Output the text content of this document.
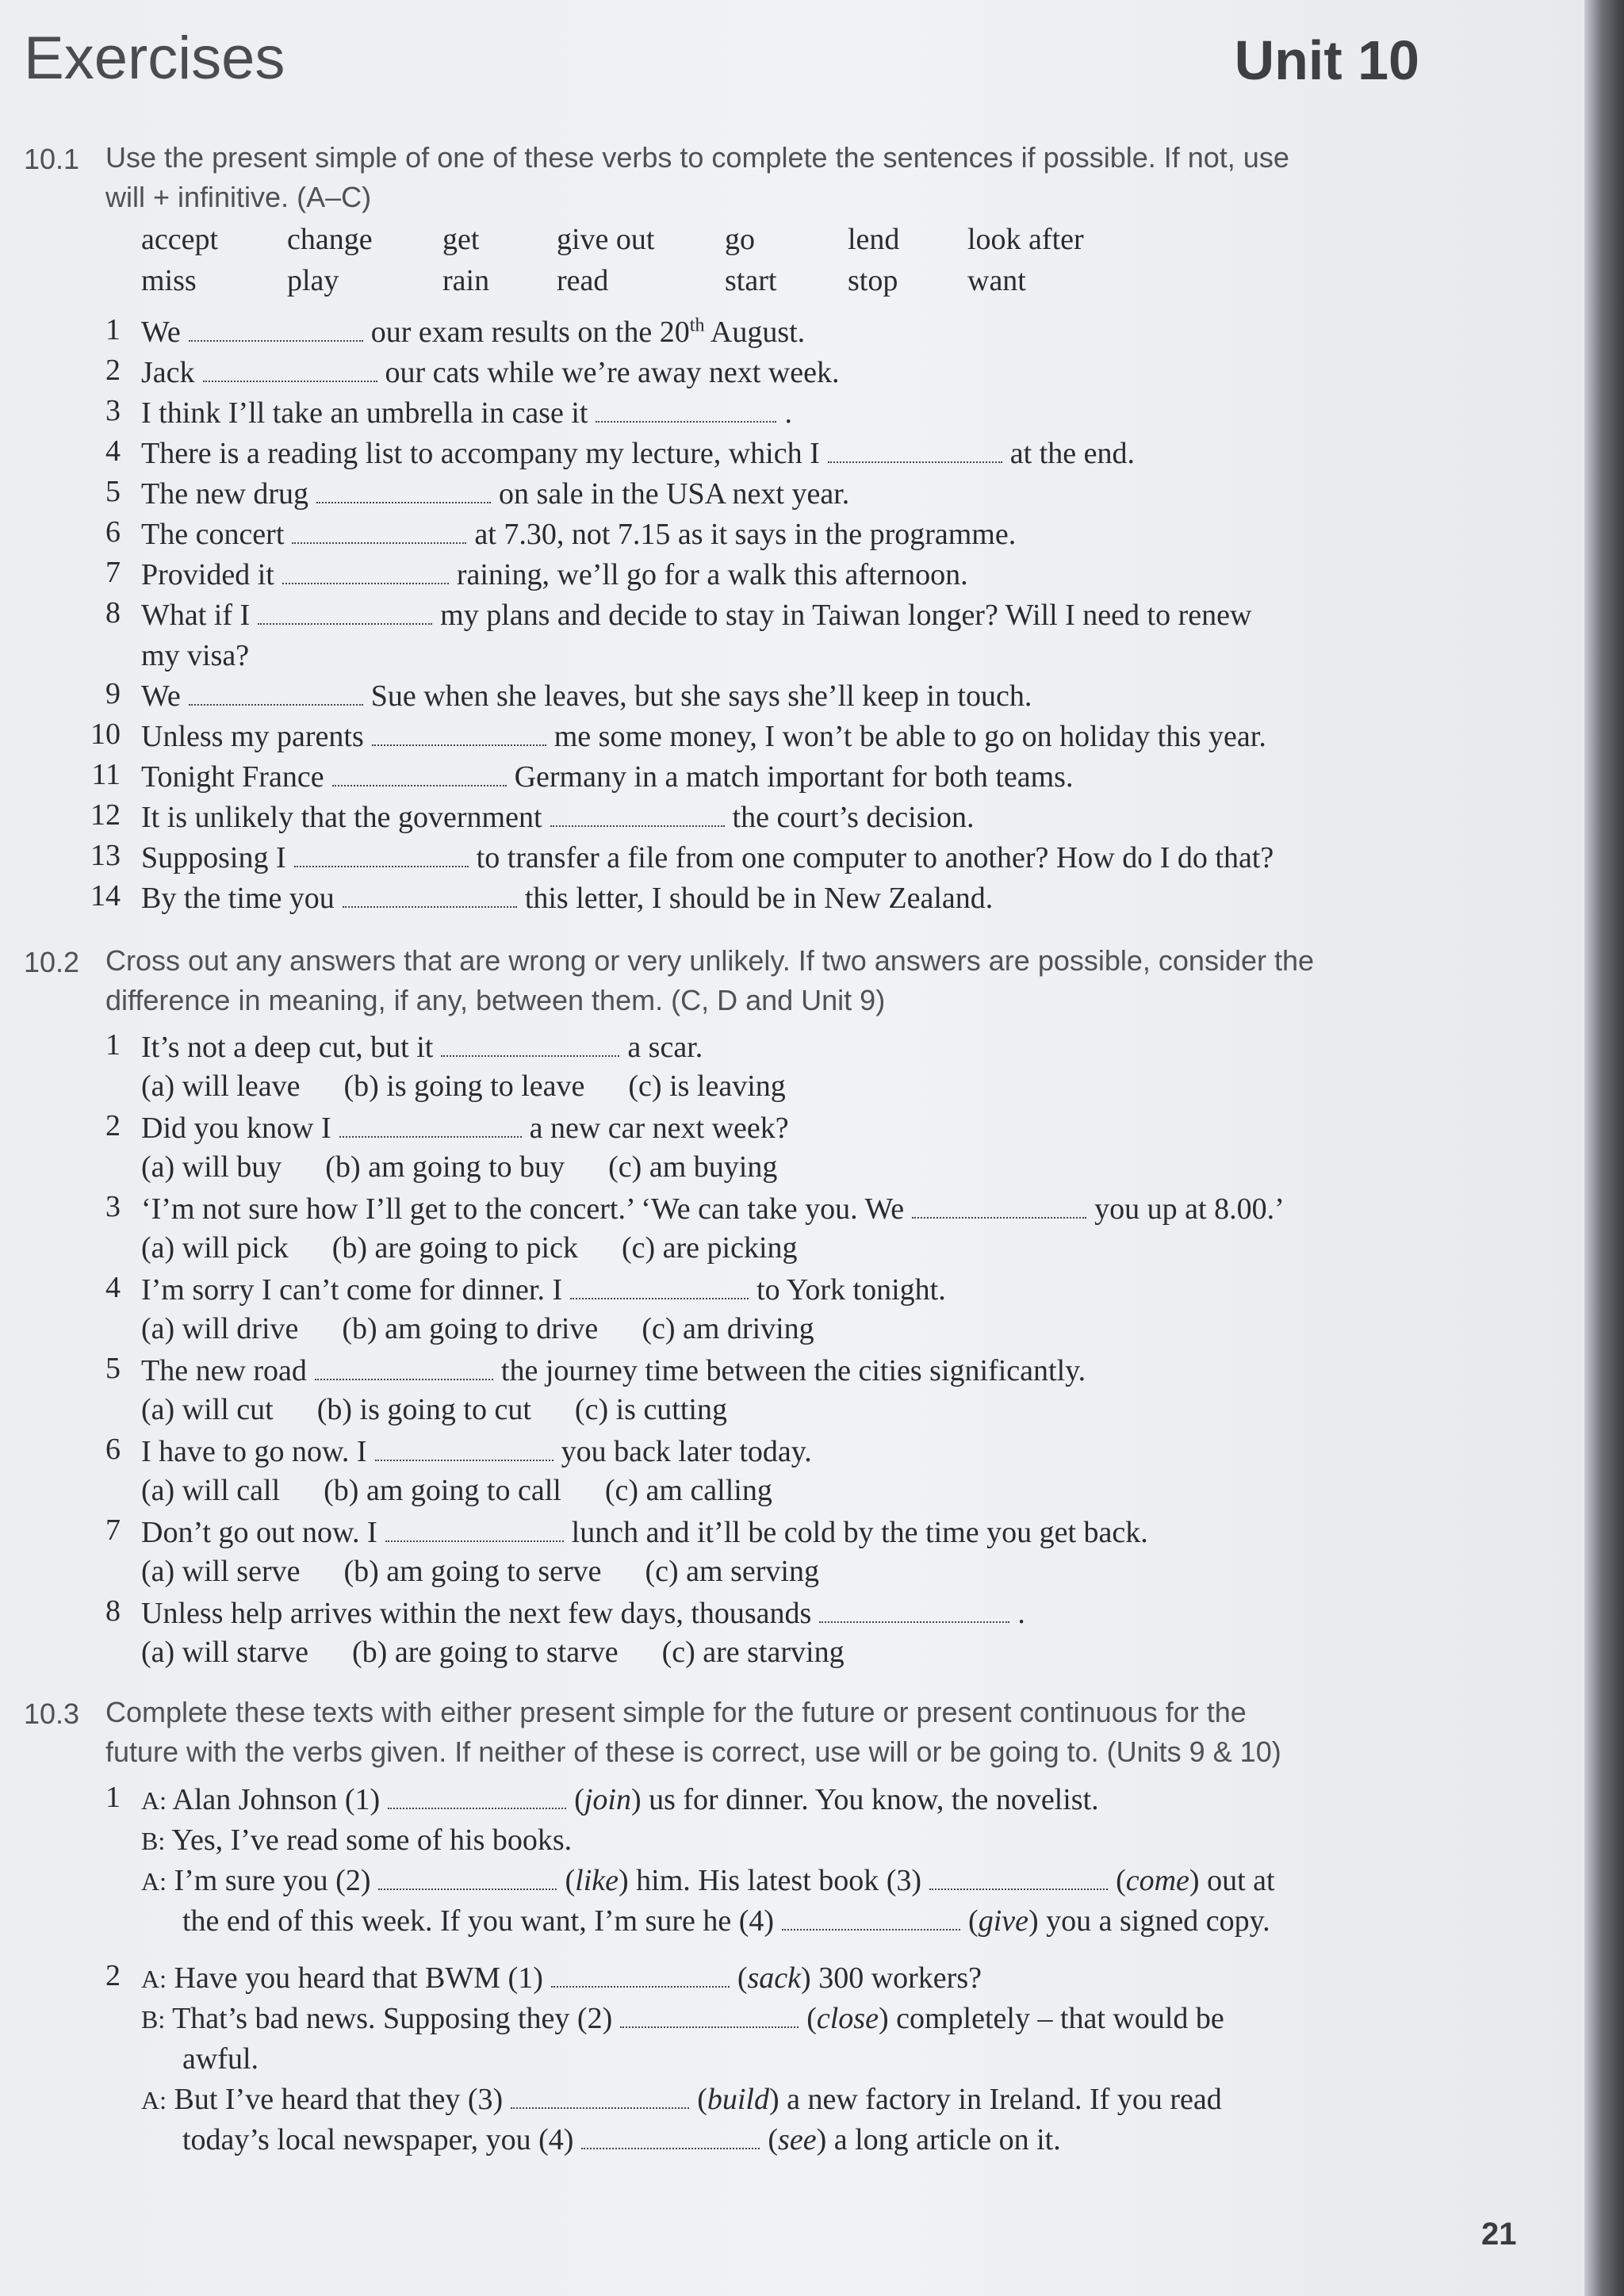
Exercises	Unit 10
10.1 Use the present simple of one of these verbs to complete the sentences if possible. If not, use
will + infinitive. (A–C)
accept	change	get	give out	go	lend	look after
miss	play	rain	read	start	stop	want
1 We	our exam results on the 20th August.
2 Jack	our cats while we’re away next week.
3 I think I’ll take an umbrella in case it	.
4 There is a reading list to accompany my lecture, which I	at the end.
5 The new drug	on sale in the USA next year.
6 The concert	at 7.30, not 7.15 as it says in the programme.
7 Provided it	raining, we’ll go for a walk this afternoon.
8 What if I	my plans and decide to stay in Taiwan longer? Will I need to renew
my visa?
9 We	Sue when she leaves, but she says she’ll keep in touch.
10 Unless my parents	me some money, I won’t be able to go on holiday this year.
11 Tonight France	Germany in a match important for both teams.
12 It is unlikely that the government	the court’s decision.
13 Supposing I	to transfer a file from one computer to another? How do I do that?
14 By the time you	this letter, I should be in New Zealand.
10.2 Cross out any answers that are wrong or very unlikely. If two answers are possible, consider the
difference in meaning, if any, between them. (C, D and Unit 9)
1 It’s not a deep cut, but it	a scar.
(a) will leave (b) is going to leave (c) is leaving
2 Did you know I	a new car next week?
(a) will buy (b) am going to buy (c) am buying
3 ‘I’m not sure how I’ll get to the concert.’ ‘We can take you. We	you up at 8.00.’
(a) will pick (b) are going to pick (c) are picking
4 I’m sorry I can’t come for dinner. I	to York tonight.
(a) will drive (b) am going to drive (c) am driving
5 The new road	the journey time between the cities significantly.
(a) will cut (b) is going to cut (c) is cutting
6 I have to go now. I	you back later today.
(a) will call (b) am going to call (c) am calling
7 Don’t go out now. I	lunch and it’ll be cold by the time you get back.
(a) will serve (b) am going to serve (c) am serving
8 Unless help arrives within the next few days, thousands	.
(a) will starve (b) are going to starve (c) are starving
10.3 Complete these texts with either present simple for the future or present continuous for the
future with the verbs given. If neither of these is correct, use will or be going to. (Units 9 & 10)
1 A: Alan Johnson (1)	(join) us for dinner. You know, the novelist.
B: Yes, I’ve read some of his books.
A: I’m sure you (2)	(like) him. His latest book (3)	(come) out at
the end of this week. If you want, I’m sure he (4)	(give) you a signed copy.
2 A: Have you heard that BWM (1)	(sack) 300 workers?
B: That’s bad news. Supposing they (2)	(close) completely – that would be
awful.
A: But I’ve heard that they (3)	(build) a new factory in Ireland. If you read
today’s local newspaper, you (4)	(see) a long article on it.
21
